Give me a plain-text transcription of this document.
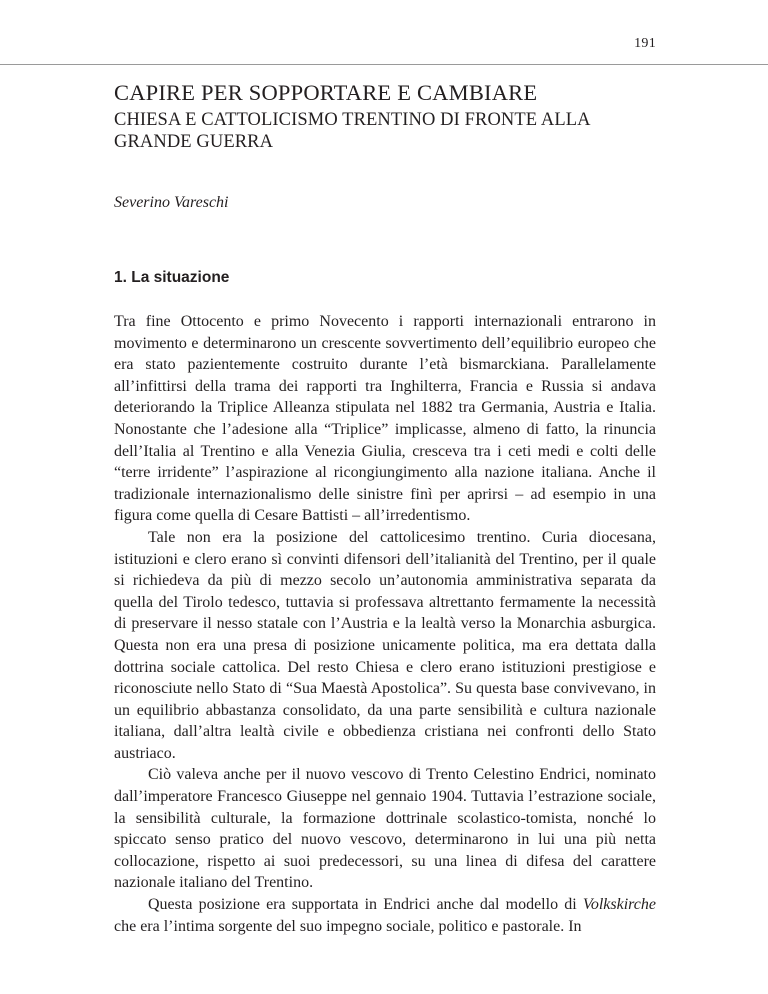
191
CAPIRE PER SOPPORTARE E CAMBIARE
CHIESA E CATTOLICISMO TRENTINO DI FRONTE ALLA GRANDE GUERRA
Severino Vareschi
1. La situazione

Tra fine Ottocento e primo Novecento i rapporti internazionali entrarono in movimento e determinarono un crescente sovvertimento dell’equilibrio europeo che era stato pazientemente costruito durante l’età bismarckiana. Parallelamente all’infittirsi della trama dei rapporti tra Inghilterra, Francia e Russia si andava deteriorando la Triplice Alleanza stipulata nel 1882 tra Germania, Austria e Italia. Nonostante che l’adesione alla “Triplice” implicasse, almeno di fatto, la rinuncia dell’Italia al Trentino e alla Venezia Giulia, cresceva tra i ceti medi e colti delle “terre irridente” l’aspirazione al ricongiungimento alla nazione italiana. Anche il tradizionale internazionalismo delle sinistre finì per aprirsi – ad esempio in una figura come quella di Cesare Battisti – all’irredentismo.

Tale non era la posizione del cattolicesimo trentino. Curia diocesana, istituzioni e clero erano sì convinti difensori dell’italianità del Trentino, per il quale si richiedeva da più di mezzo secolo un’autonomia amministrativa separata da quella del Tirolo tedesco, tuttavia si professava altrettanto fermamente la necessità di preservare il nesso statale con l’Austria e la lealtà verso la Monarchia asburgica. Questa non era una presa di posizione unicamente politica, ma era dettata dalla dottrina sociale cattolica. Del resto Chiesa e clero erano istituzioni prestigiose e riconosciute nello Stato di “Sua Maestà Apostolica”. Su questa base convivevano, in un equilibrio abbastanza consolidato, da una parte sensibilità e cultura nazionale italiana, dall’altra lealtà civile e obbedienza cristiana nei confronti dello Stato austriaco.

Ciò valeva anche per il nuovo vescovo di Trento Celestino Endrici, nominato dall’imperatore Francesco Giuseppe nel gennaio 1904. Tuttavia l’estrazione sociale, la sensibilità culturale, la formazione dottrinale scolastico-tomista, nonché lo spiccato senso pratico del nuovo vescovo, determinarono in lui una più netta collocazione, rispetto ai suoi predecessori, su una linea di difesa del carattere nazionale italiano del Trentino.

Questa posizione era supportata in Endrici anche dal modello di Volkskirche che era l’intima sorgente del suo impegno sociale, politico e pastorale. In
